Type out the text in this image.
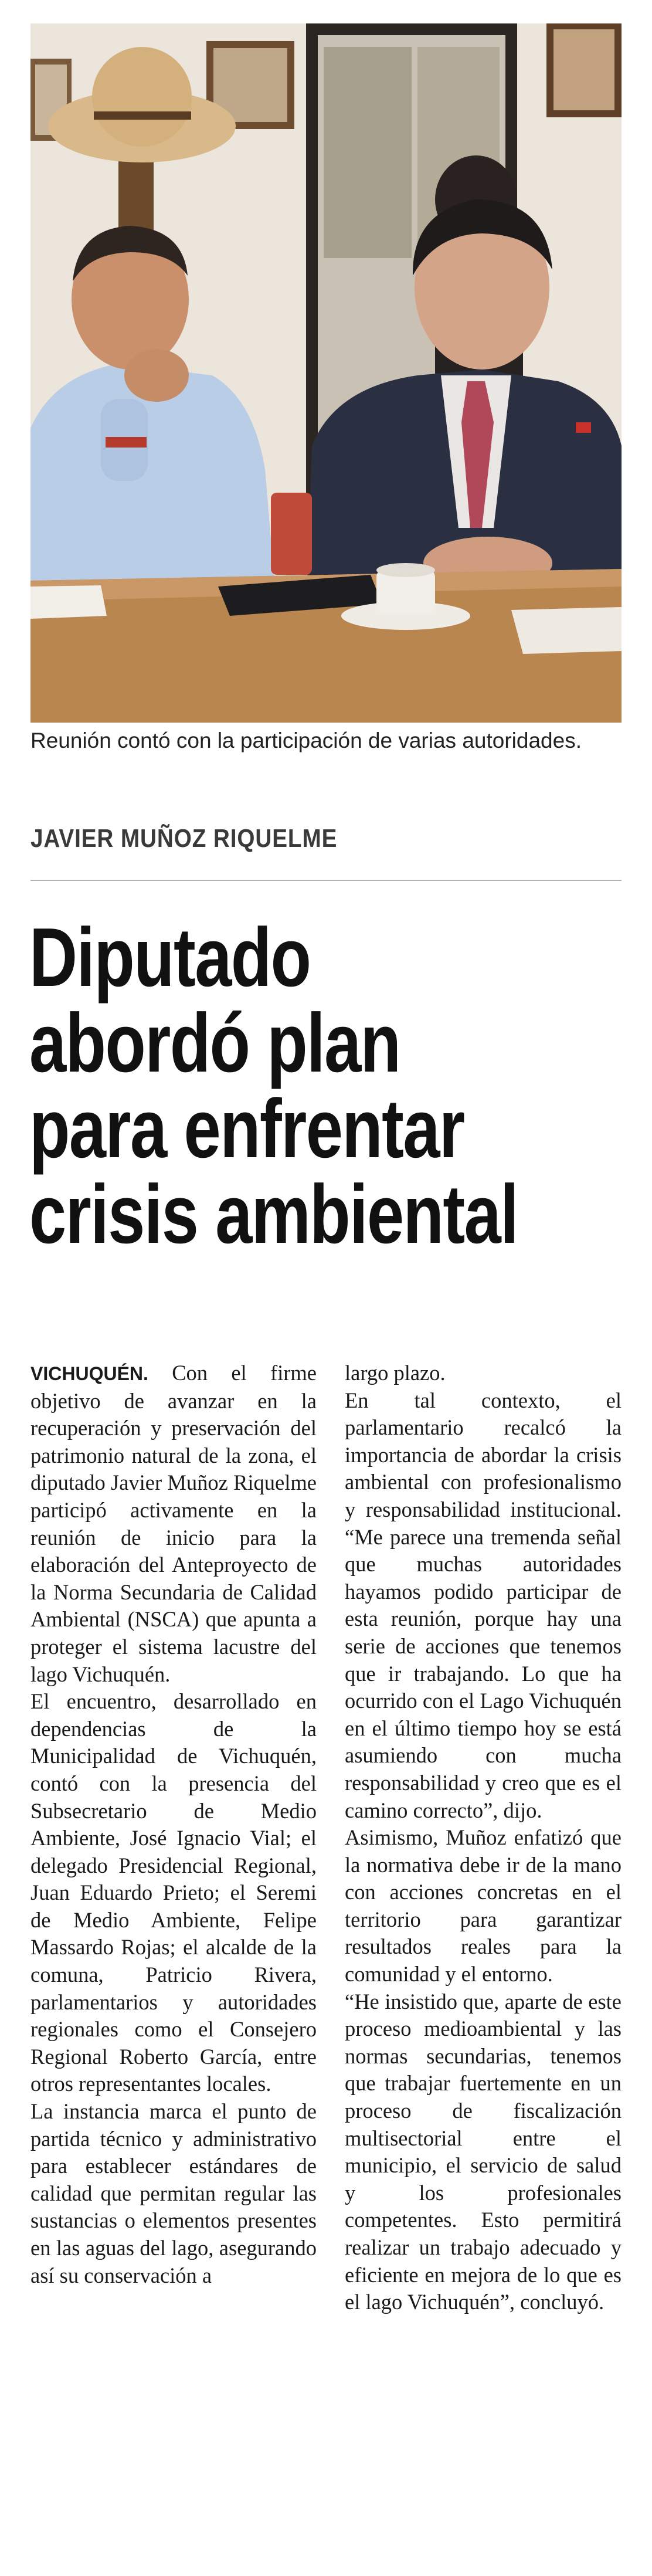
Reunión contó con la participación de varias autoridades.
JAVIER MUÑOZ RIQUELME
Diputado
abordó plan
para enfrentar
crisis ambiental

VICHUQUÉN. Con el firme objetivo de avanzar en la recuperación y preservación del patrimonio natural de la zona, el diputado Javier Muñoz Riquelme participó activamente en la reunión de inicio para la elaboración del Anteproyecto de la Norma Secundaria de Calidad Ambiental (NSCA) que apunta a proteger el sistema lacustre del lago Vichuquén.

El encuentro, desarrollado en dependencias de la Municipalidad de Vichuquén, contó con la presencia del Subsecretario de Medio Ambiente, José Ignacio Vial; el delegado Presidencial Regional, Juan Eduardo Prieto; el Seremi de Medio Ambiente, Felipe Massardo Rojas; el alcalde de la comuna, Patricio Rivera, parlamentarios y autoridades regionales como el Consejero Regional Roberto García, entre otros representantes locales.

La instancia marca el punto de partida técnico y administrativo para establecer estándares de calidad que permitan regular las sustancias o elementos presentes en las aguas del lago, asegurando así su conservación a

largo plazo.

En tal contexto, el parlamentario recalcó la importancia de abordar la crisis ambiental con profesionalismo y responsabilidad institucional. “Me parece una tremenda señal que muchas autoridades hayamos podido participar de esta reunión, porque hay una serie de acciones que tenemos que ir trabajando. Lo que ha ocurrido con el Lago Vichuquén en el último tiempo hoy se está asumiendo con mucha responsabilidad y creo que es el camino correcto”, dijo.

Asimismo, Muñoz enfatizó que la normativa debe ir de la mano con acciones concretas en el territorio para garantizar resultados reales para la comunidad y el entorno.

“He insistido que, aparte de este proceso medioambiental y las normas secundarias, tenemos que trabajar fuertemente en un proceso de fiscalización multisectorial entre el municipio, el servicio de salud y los profesionales competentes. Esto permitirá realizar un trabajo adecuado y eficiente en mejora de lo que es el lago Vichuquén”, concluyó.
